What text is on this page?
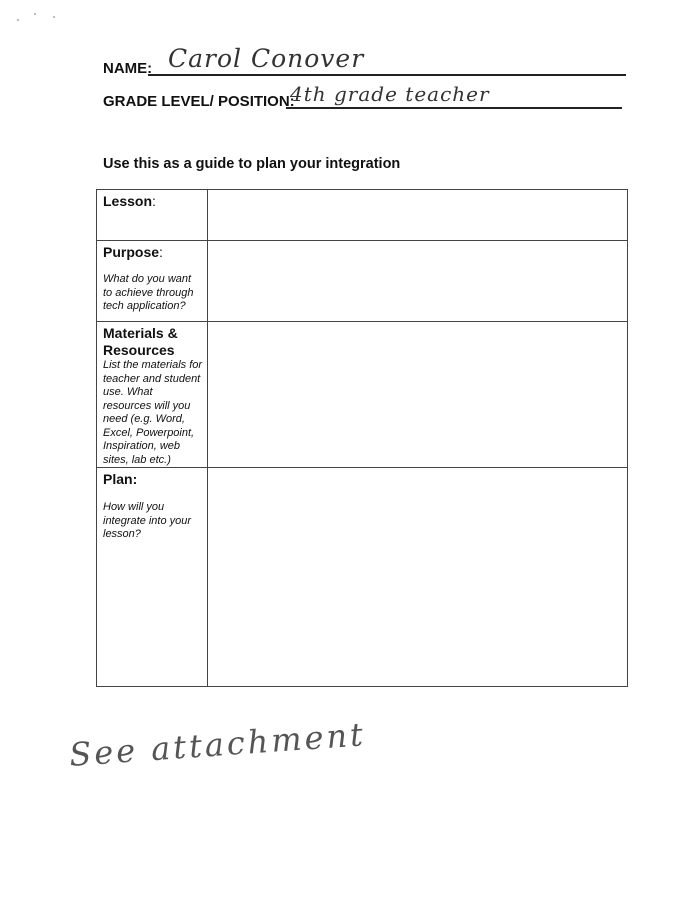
NAME: Carol Conover
GRADE LEVEL/ POSITION:
4th grade teacher
Use this as a guide to plan your integration
Lesson:	

Purpose:
What do you want to achieve through tech application?	

Materials & Resources
List the materials for teacher and student use. What resources will you need (e.g. Word, Excel, Powerpoint, Inspiration, web sites, lab etc.)	

Plan:
How will you integrate into your lesson?	

See attachment
